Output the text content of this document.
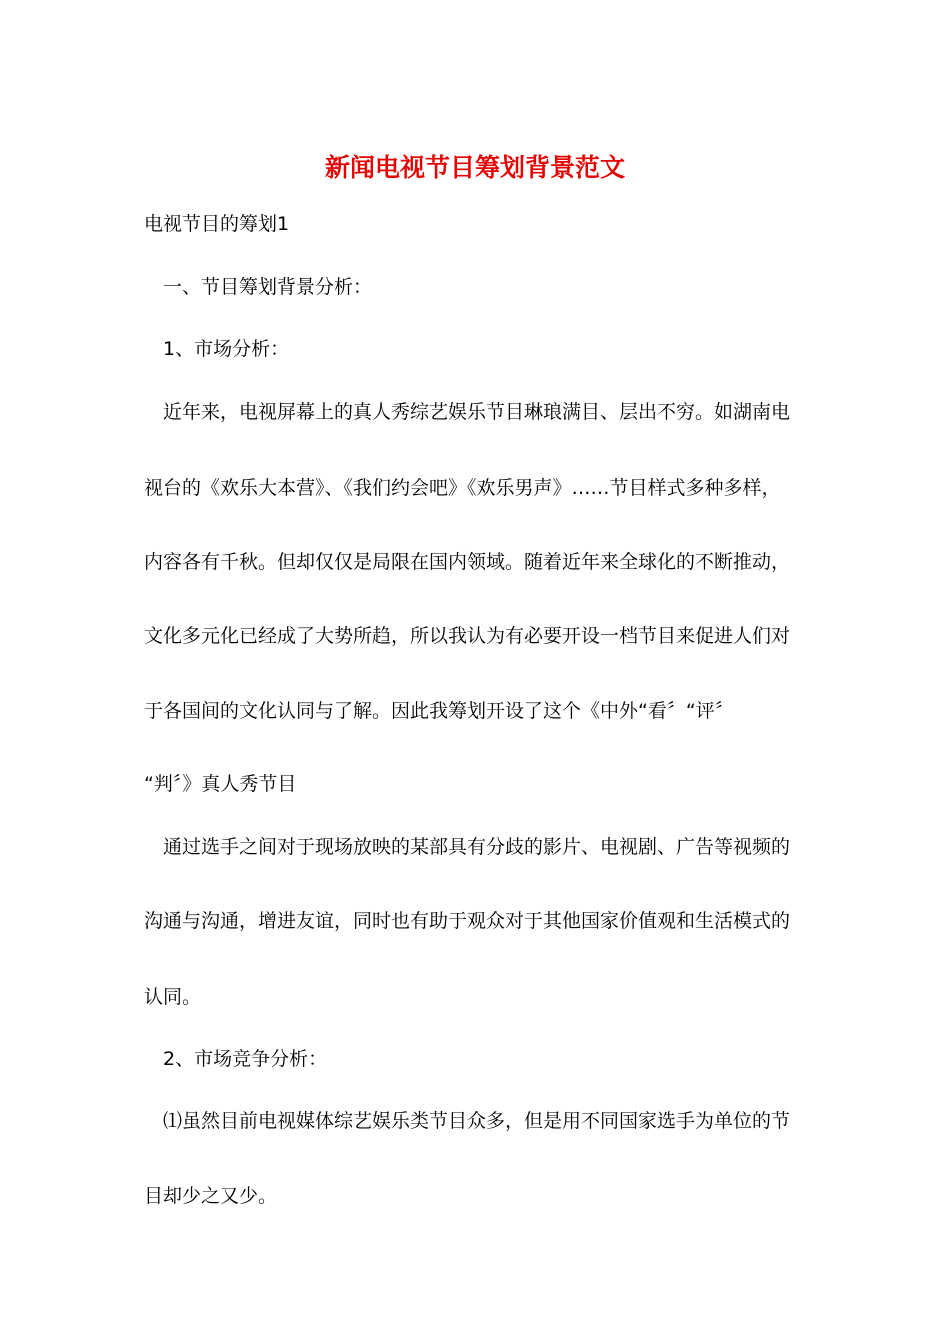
新闻电视节目筹划背景范文
电视节目的筹划1
一、节目筹划背景分析：
1、市场分析：
近年来，电视屏幕上的真人秀综艺娱乐节目琳琅满目、层出不穷。如湖南电
视台的《欢乐大本营》、《我们约会吧》《欢乐男声》……节目样式多种多样，
内容各有千秋。但却仅仅是局限在国内领域。随着近年来全球化的不断推动，
文化多元化已经成了大势所趋，所以我认为有必要开设一档节目来促进人们对
于各国间的文化认同与了解。因此我筹划开设了这个《中外“看〞“评〞
“判〞》真人秀节目
通过选手之间对于现场放映的某部具有分歧的影片、电视剧、广告等视频的
沟通与沟通，增进友谊，同时也有助于观众对于其他国家价值观和生活模式的
认同。
2、市场竞争分析：
⑴虽然目前电视媒体综艺娱乐类节目众多，但是用不同国家选手为单位的节
目却少之又少。
